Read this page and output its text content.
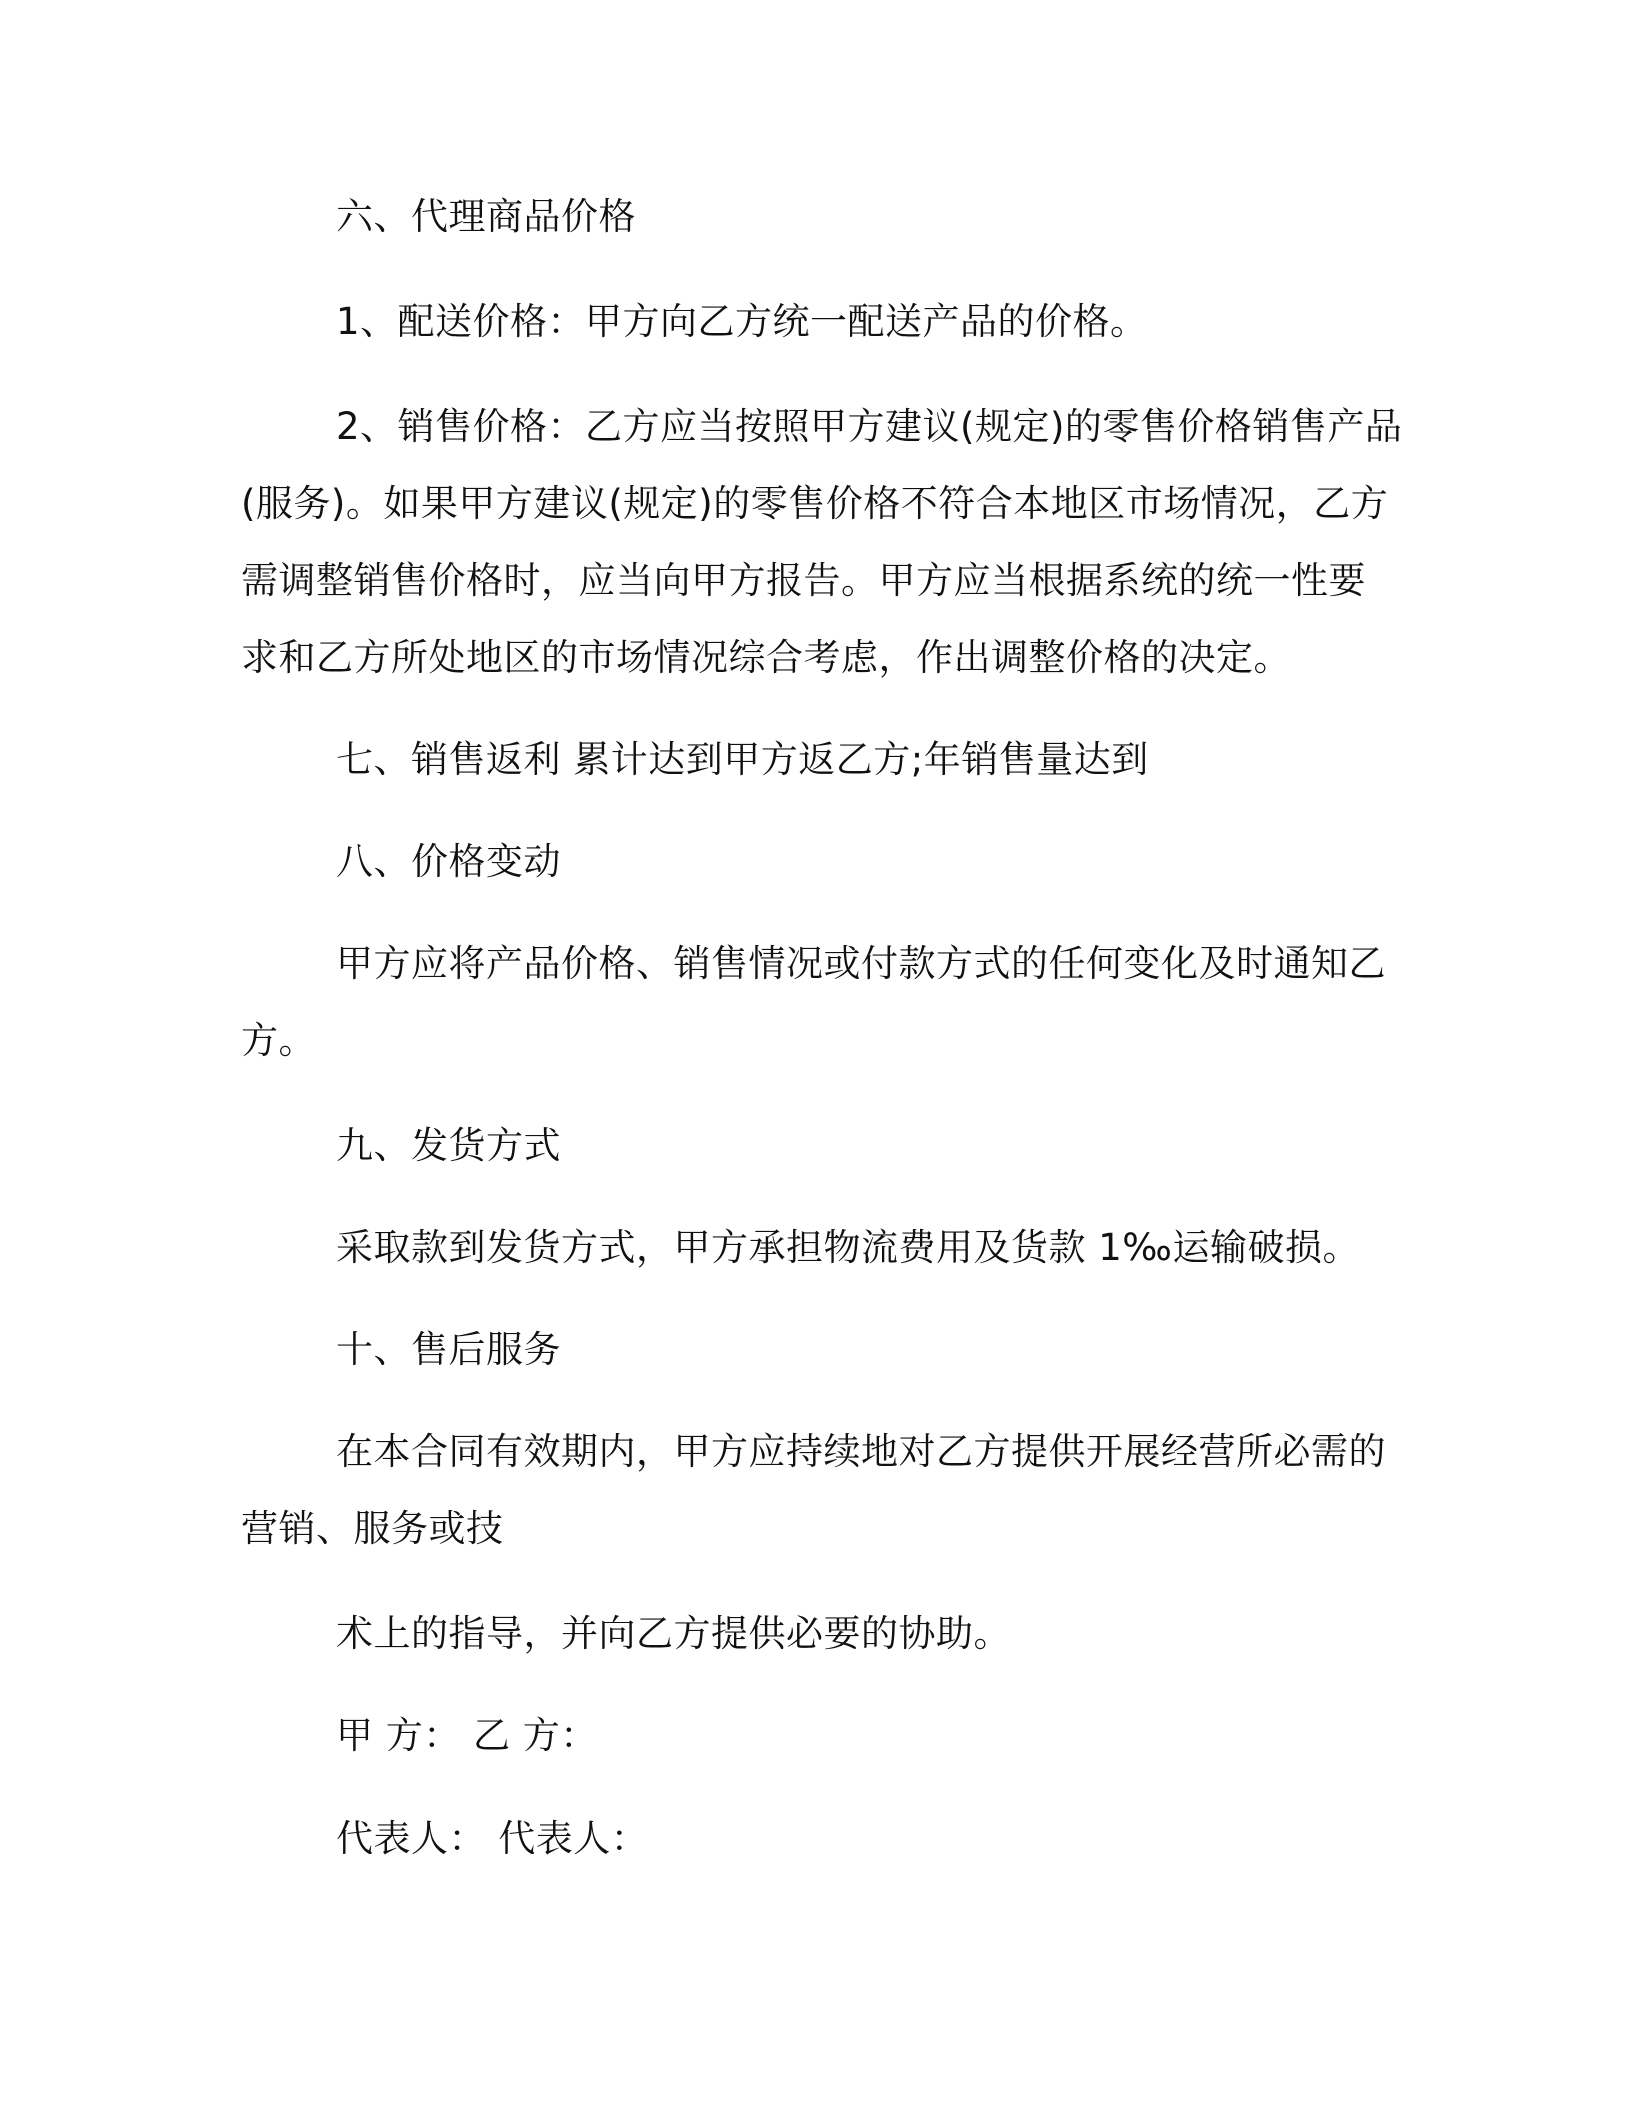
六、代理商品价格
1、配送价格：甲方向乙方统一配送产品的价格。
2、销售价格：乙方应当按照甲方建议(规定)的零售价格销售产品
(服务)。如果甲方建议(规定)的零售价格不符合本地区市场情况，乙方
需调整销售价格时，应当向甲方报告。甲方应当根据系统的统一性要
求和乙方所处地区的市场情况综合考虑，作出调整价格的决定。
七、销售返利 累计达到甲方返乙方;年销售量达到
八、价格变动
甲方应将产品价格、销售情况或付款方式的任何变化及时通知乙
方。
九、发货方式
采取款到发货方式，甲方承担物流费用及货款 1‰运输破损。
十、售后服务
在本合同有效期内，甲方应持续地对乙方提供开展经营所必需的
营销、服务或技
术上的指导，并向乙方提供必要的协助。
甲 方： 乙 方：
代表人： 代表人：
